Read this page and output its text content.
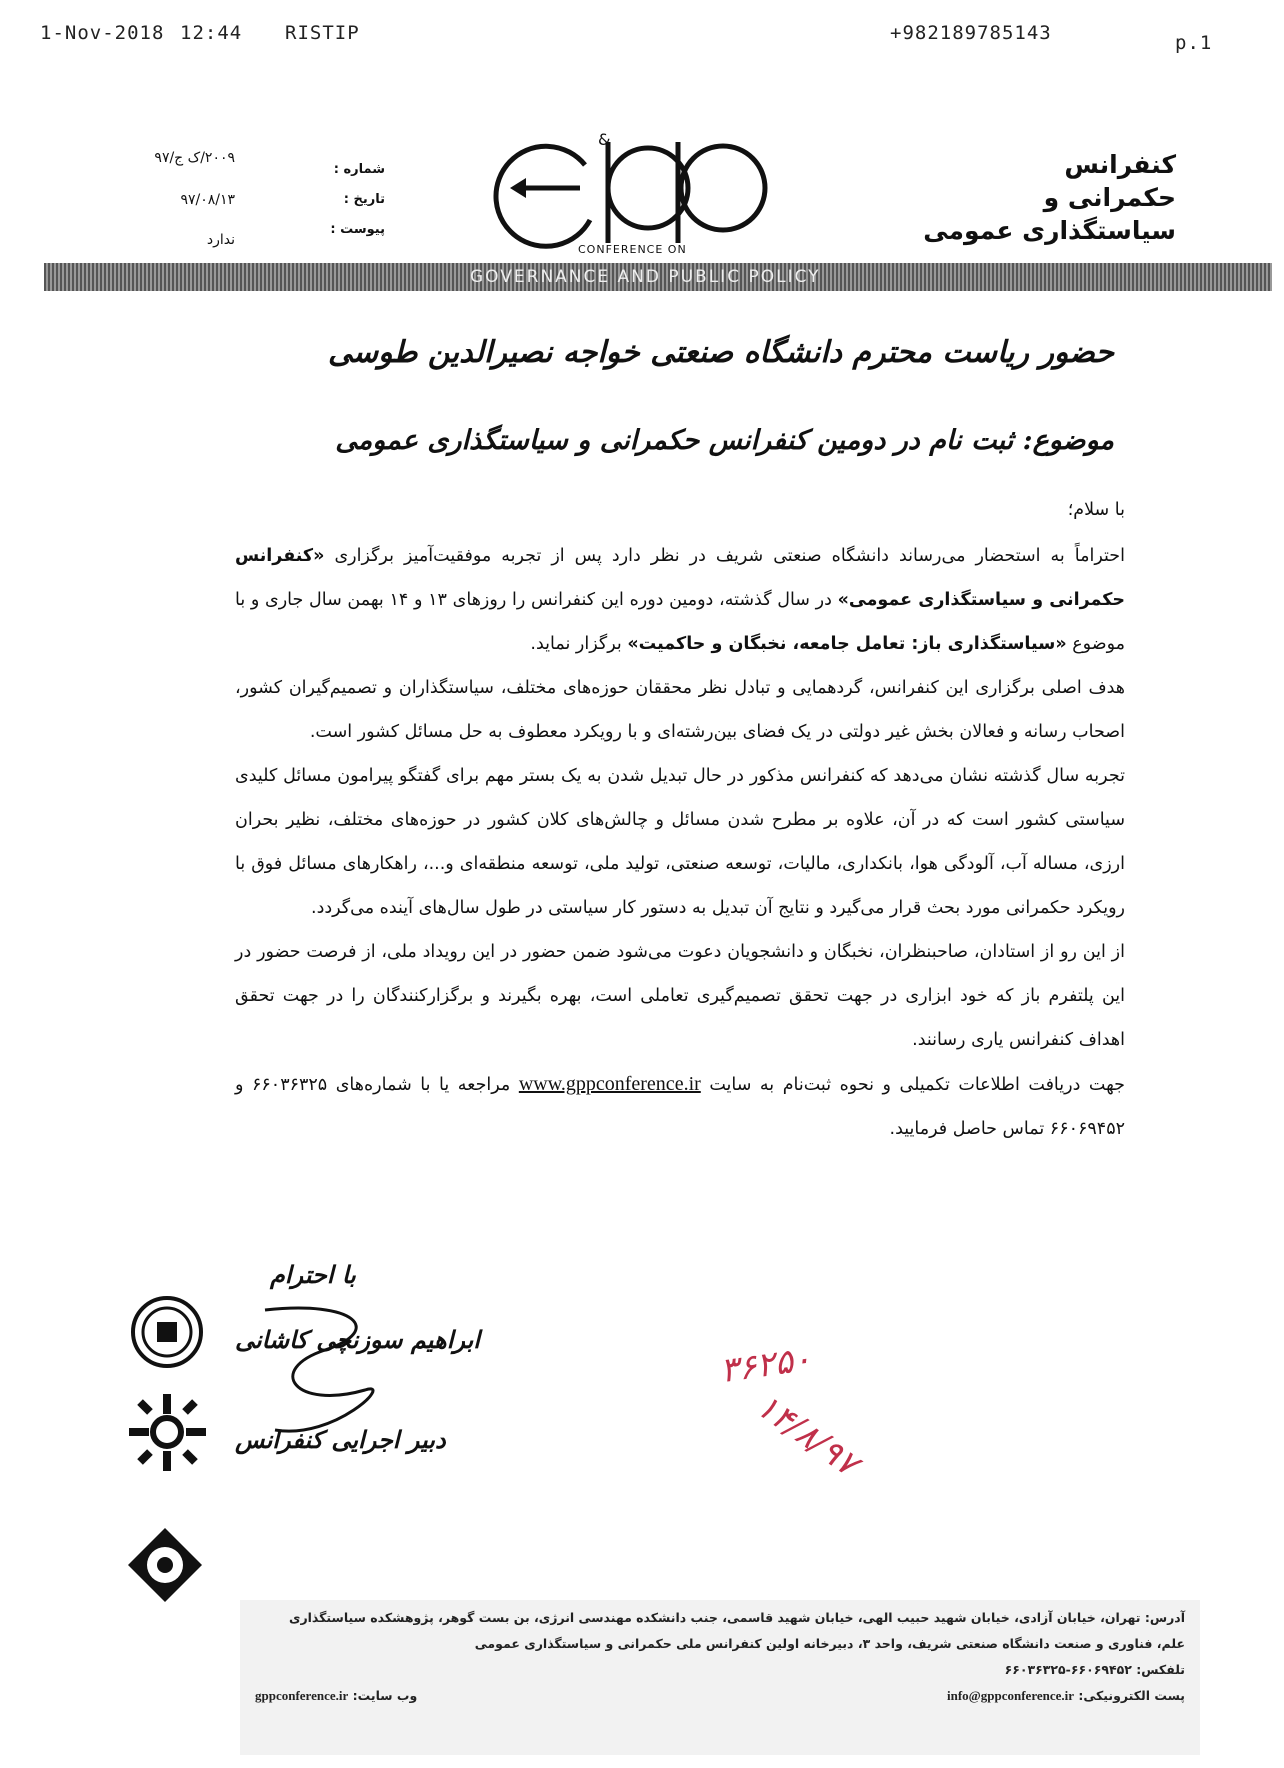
1-Nov-2018 12:44 RISTIP	+982189785143	p.1
۲۰۰۹/ک ج/۹۷
۹۷/۰۸/۱۳
ندارد
شماره :
تاریخ :
پیوست :
&
CONFERENCE ON
کنفرانس
حکمرانی و
سیاستگذاری عمومی
GOVERNANCE AND PUBLIC POLICY
حضور ریاست محترم دانشگاه صنعتی خواجه نصیرالدین طوسی
موضوع: ثبت نام در دومین کنفرانس حکمرانی و سیاستگذاری عمومی

با سلام؛

احتراماً به استحضار می‌رساند دانشگاه صنعتی شریف در نظر دارد پس از تجربه موفقیت‌آمیز برگزاری «کنفرانس حکمرانی و سیاستگذاری عمومی» در سال گذشته، دومین دوره این کنفرانس را روزهای ۱۳ و ۱۴ بهمن سال جاری و با موضوع «سیاستگذاری باز: تعامل جامعه، نخبگان و حاکمیت» برگزار نماید.

هدف اصلی برگزاری این کنفرانس، گردهمایی و تبادل نظر محققان حوزه‌های مختلف، سیاستگذاران و تصمیم‌گیران کشور، اصحاب رسانه و فعالان بخش غیر دولتی در یک فضای بین‌رشته‌ای و با رویکرد معطوف به حل مسائل کشور است.

تجربه سال گذشته نشان می‌دهد که کنفرانس مذکور در حال تبدیل شدن به یک بستر مهم برای گفتگو پیرامون مسائل کلیدی سیاستی کشور است که در آن، علاوه بر مطرح شدن مسائل و چالش‌های کلان کشور در حوزه‌های مختلف، نظیر بحران ارزی، مساله آب، آلودگی هوا، بانکداری، مالیات، توسعه صنعتی، تولید ملی، توسعه منطقه‌ای و...، راهکارهای مسائل فوق با رویکرد حکمرانی مورد بحث قرار می‌گیرد و نتایج آن تبدیل به دستور کار سیاستی در طول سال‌های آینده می‌گردد.

از این رو از استادان، صاحبنظران، نخبگان و دانشجویان دعوت می‌شود ضمن حضور در این رویداد ملی، از فرصت حضور در این پلتفرم باز که خود ابزاری در جهت تحقق تصمیم‌گیری تعاملی است، بهره بگیرند و برگزارکنندگان را در جهت تحقق اهداف کنفرانس یاری رسانند.

جهت دریافت اطلاعات تکمیلی و نحوه ثبت‌نام به سایت www.gppconference.ir مراجعه یا با شماره‌های ۶۶۰۳۶۳۲۵ و ۶۶۰۶۹۴۵۲ تماس حاصل فرمایید.

با احترام
ابراهیم سوزنچی کاشانی
دبیر اجرایی کنفرانس
۳۶۲۵۰
۱۴/۸/۹۷
آدرس: تهران، خیابان آزادی، خیابان شهید حبیب الهی، خیابان شهید قاسمی، جنب دانشکده مهندسی انرژی، بن بست گوهر، پژوهشکده سیاستگذاری
علم، فناوری و صنعت دانشگاه صنعتی شریف، واحد ۳، دبیرخانه اولین کنفرانس ملی حکمرانی و سیاستگذاری عمومی
تلفکس: ۶۶۰۶۹۴۵۲-۶۶۰۳۶۳۲۵
پست الکترونیکی: info@gppconference.ir
وب سایت: gppconference.ir
